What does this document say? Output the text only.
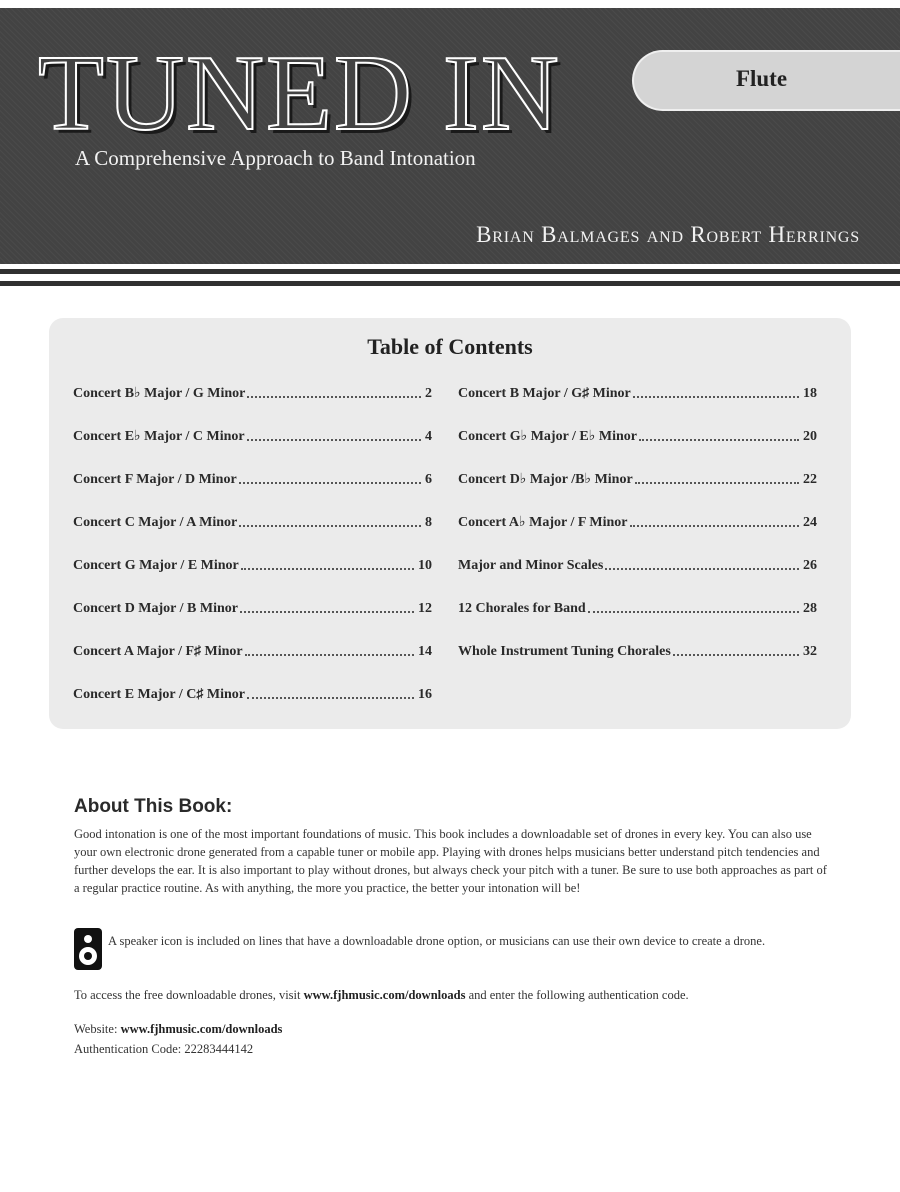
TUNED IN
A Comprehensive Approach to Band Intonation
Brian Balmages and Robert Herrings
Flute
Table of Contents
Concert B♭ Major / G Minor	2
Concert E♭ Major / C Minor	4
Concert F Major / D Minor	6
Concert C Major / A Minor	8
Concert G Major / E Minor	10
Concert D Major / B Minor	12
Concert A Major / F♯ Minor	14
Concert E Major / C♯ Minor	16
Concert B Major / G♯ Minor	18
Concert G♭ Major / E♭ Minor	20
Concert D♭ Major /B♭ Minor	22
Concert A♭ Major / F Minor	24
Major and Minor Scales	26
12 Chorales for Band	28
Whole Instrument Tuning Chorales	32
About This Book:
Good intonation is one of the most important foundations of music. This book includes a downloadable set of drones in every key. You can also use your own electronic drone generated from a capable tuner or mobile app. Playing with drones helps musicians better understand pitch tendencies and further develops the ear. It is also important to play without drones, but always check your pitch with a tuner. Be sure to use both approaches as part of a regular practice routine. As with anything, the more you practice, the better your intonation will be!
A speaker icon is included on lines that have a downloadable drone option, or musicians can use their own device to create a drone.
To access the free downloadable drones, visit www.fjhmusic.com/downloads and enter the following authentication code.
Website: www.fjhmusic.com/downloads
Authentication Code: 22283444142
